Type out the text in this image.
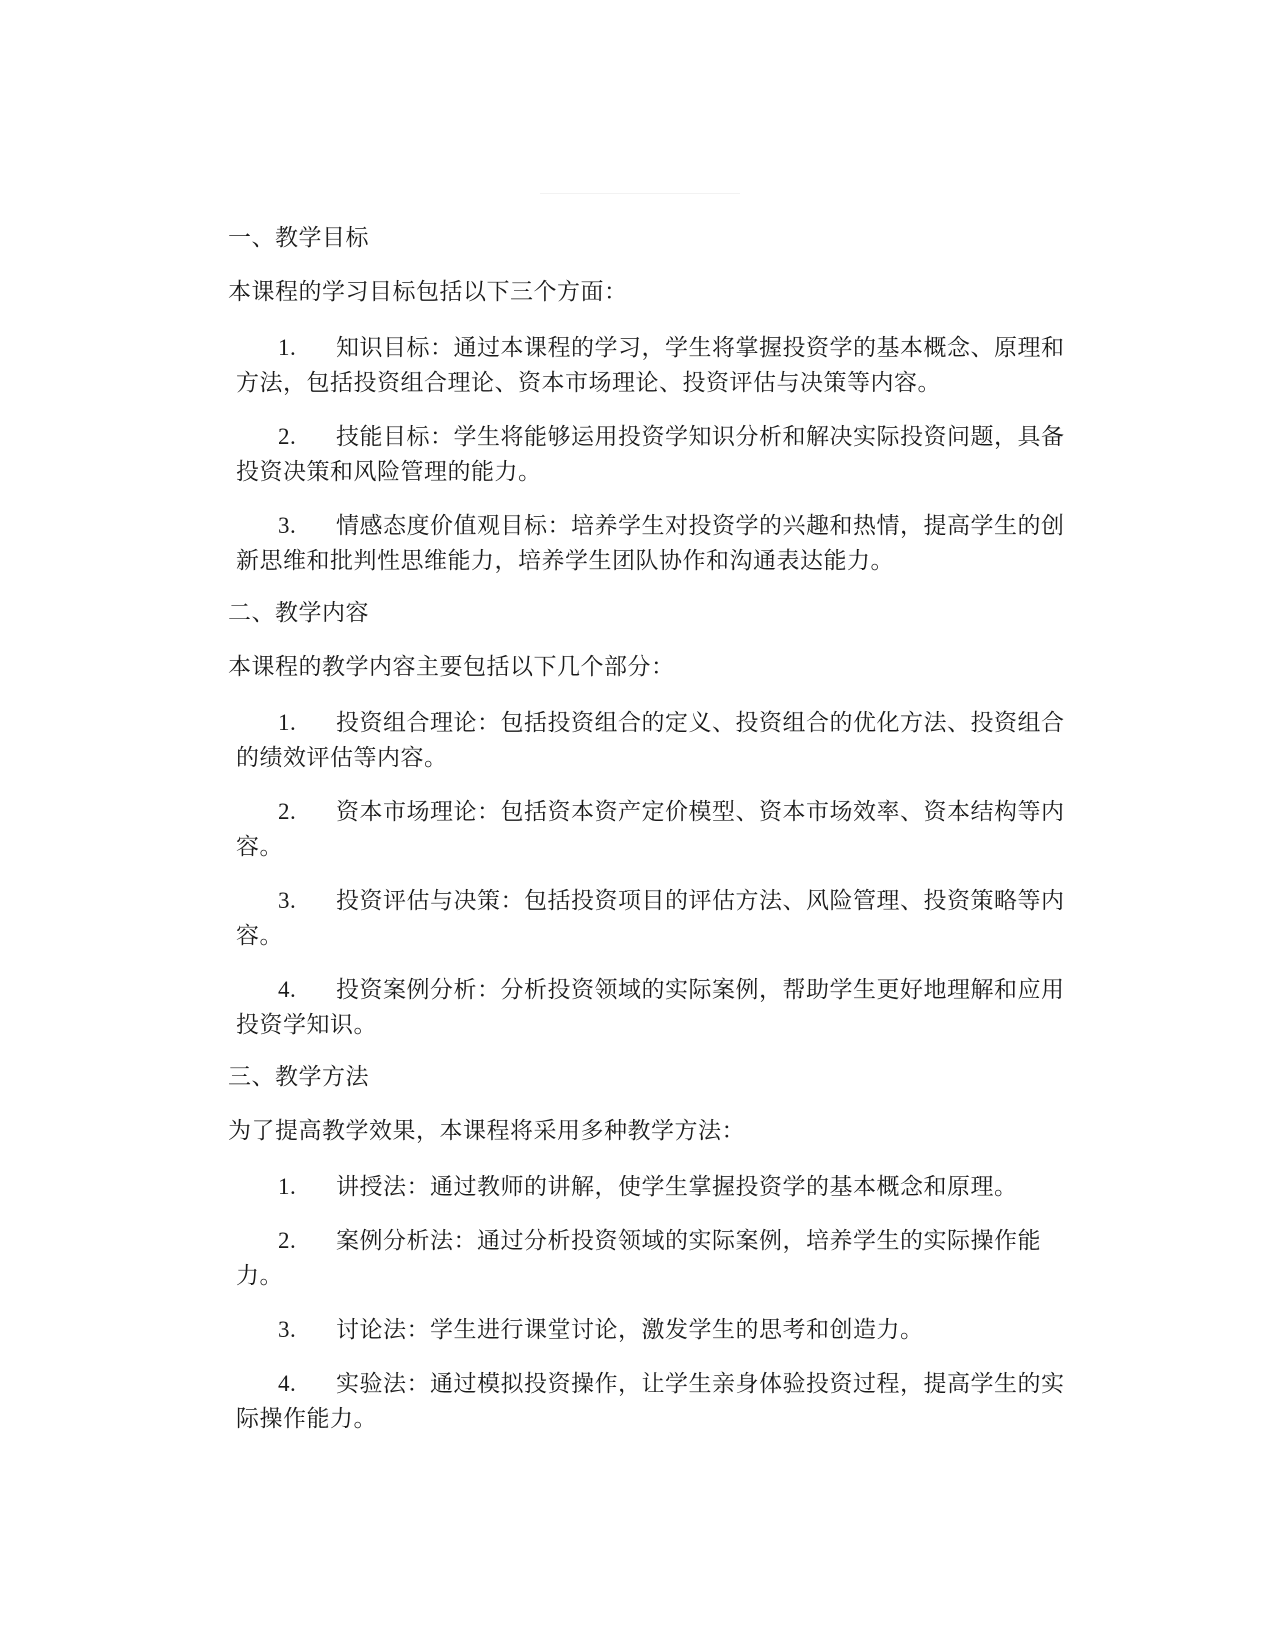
一、教学目标

本课程的学习目标包括以下三个方面：

1. 知识目标：通过本课程的学习，学生将掌握投资学的基本概念、原理和方法，包括投资组合理论、资本市场理论、投资评估与决策等内容。
2. 技能目标：学生将能够运用投资学知识分析和解决实际投资问题，具备投资决策和风险管理的能力。
3. 情感态度价值观目标：培养学生对投资学的兴趣和热情，提高学生的创新思维和批判性思维能力，培养学生团队协作和沟通表达能力。

二、教学内容

本课程的教学内容主要包括以下几个部分：

1. 投资组合理论：包括投资组合的定义、投资组合的优化方法、投资组合的绩效评估等内容。
2. 资本市场理论：包括资本资产定价模型、资本市场效率、资本结构等内容。
3. 投资评估与决策：包括投资项目的评估方法、风险管理、投资策略等内容。
4. 投资案例分析：分析投资领域的实际案例，帮助学生更好地理解和应用投资学知识。

三、教学方法

为了提高教学效果，本课程将采用多种教学方法：

1. 讲授法：通过教师的讲解，使学生掌握投资学的基本概念和原理。
2. 案例分析法：通过分析投资领域的实际案例，培养学生的实际操作能力。
3. 讨论法：学生进行课堂讨论，激发学生的思考和创造力。
4. 实验法：通过模拟投资操作，让学生亲身体验投资过程，提高学生的实际操作能力。
